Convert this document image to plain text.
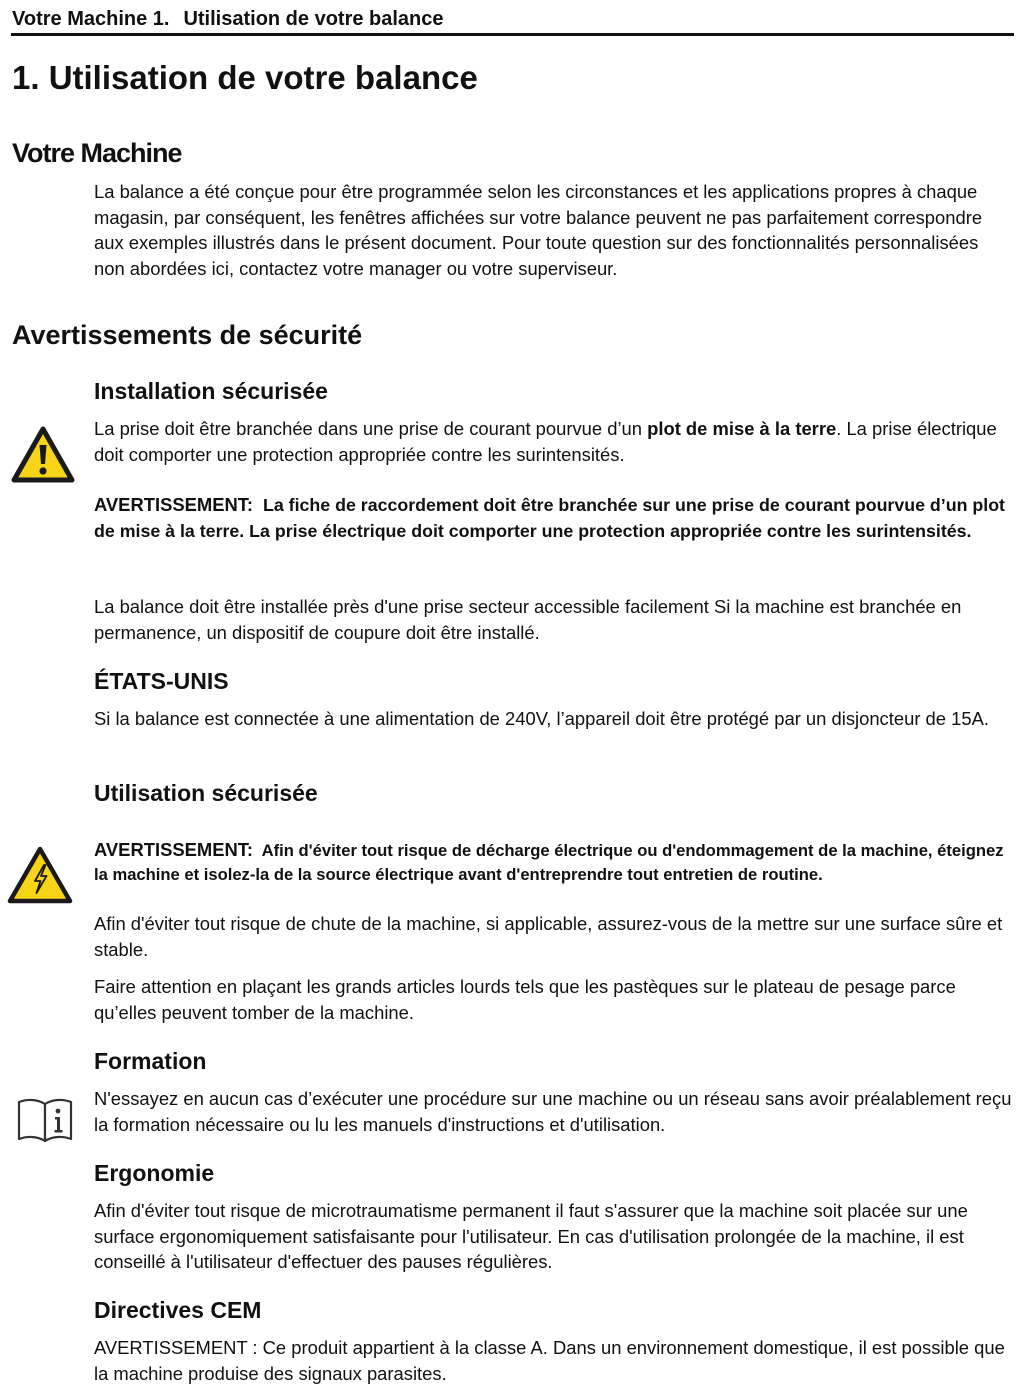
Votre Machine 1. Utilisation de votre balance
1. Utilisation de votre balance
Votre Machine
La balance a été conçue pour être programmée selon les circonstances et les applications propres à chaque magasin, par conséquent, les fenêtres affichées sur votre balance peuvent ne pas parfaitement correspondre aux exemples illustrés dans le présent document. Pour toute question sur des fonctionnalités personnalisées non abordées ici, contactez votre manager ou votre superviseur.
Avertissements de sécurité
Installation sécurisée
La prise doit être branchée dans une prise de courant pourvue d’un plot de mise à la terre. La prise électrique doit comporter une protection appropriée contre les surintensités.
AVERTISSEMENT: La fiche de raccordement doit être branchée sur une prise de courant pourvue d’un plot de mise à la terre. La prise électrique doit comporter une protection appropriée contre les surintensités.
La balance doit être installée près d'une prise secteur accessible facilement Si la machine est branchée en permanence, un dispositif de coupure doit être installé.
ÉTATS-UNIS
Si la balance est connectée à une alimentation de 240V, l’appareil doit être protégé par un disjoncteur de 15A.
Utilisation sécurisée
AVERTISSEMENT: Afin d'éviter tout risque de décharge électrique ou d'endommagement de la machine, éteignez la machine et isolez-la de la source électrique avant d'entreprendre tout entretien de routine.
Afin d'éviter tout risque de chute de la machine, si applicable, assurez-vous de la mettre sur une surface sûre et stable.
Faire attention en plaçant les grands articles lourds tels que les pastèques sur le plateau de pesage parce qu’elles peuvent tomber de la machine.
Formation
N'essayez en aucun cas d’exécuter une procédure sur une machine ou un réseau sans avoir préalablement reçu la formation nécessaire ou lu les manuels d'instructions et d'utilisation.
Ergonomie
Afin d'éviter tout risque de microtraumatisme permanent il faut s'assurer que la machine soit placée sur une surface ergonomiquement satisfaisante pour l'utilisateur. En cas d'utilisation prolongée de la machine, il est conseillé à l'utilisateur d'effectuer des pauses régulières.
Directives CEM
AVERTISSEMENT : Ce produit appartient à la classe A. Dans un environnement domestique, il est possible que la machine produise des signaux parasites.
